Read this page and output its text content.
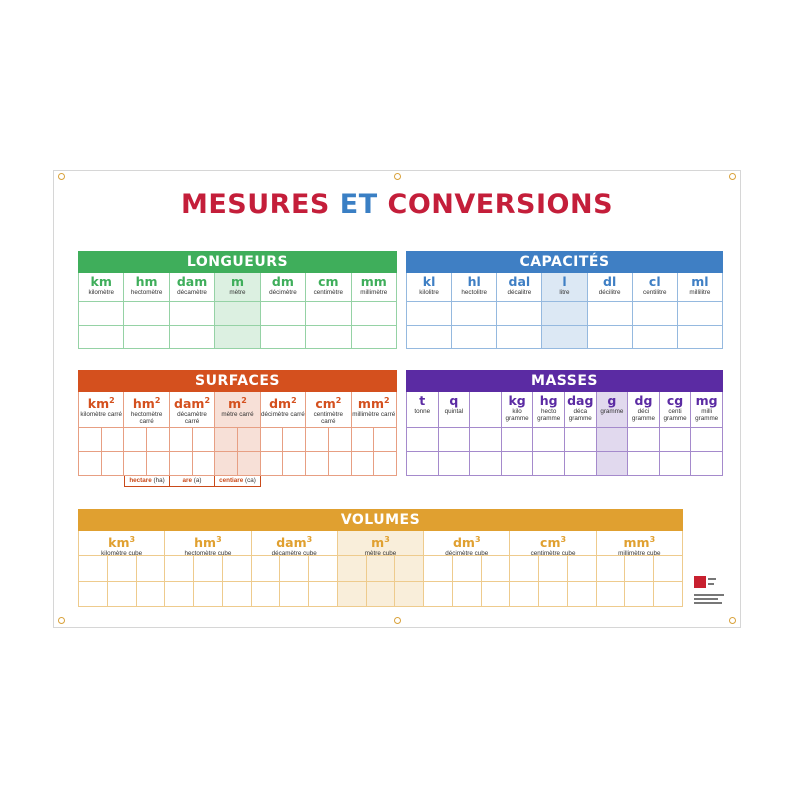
MESURES ET CONVERSIONS
LONGUEURS
km
kilomètre
hm
hectomètre
dam
décamètre
m
mètre
dm
décimètre
cm
centimètre
mm
millimètre
CAPACITÉS
kl
kilolitre
hl
hectolitre
dal
décalitre
l
litre
dl
décilitre
cl
centilitre
ml
millilitre
SURFACES
$km^2$
kilomètre carré
$hm^2$
hectomètre carré
dam$^2$
décamètre carré
$m^2$
mètre carré
$dm^2$
décimètre carré
$cm^2$
centimètre carré
$mm^2$
millimètre carré
MASSES
t
tonne
q
quintal
kg
kilo gramme
hg
hecto gramme
dag
déca gramme
g
gramme
dg
déci gramme
cg
centi gramme
mg
milli gramme
VOLUMES
$km^3$
kilomètre cube
$hm^3$
hectomètre cube
dam$^3$
décamètre cube
$m^3$
mètre cube
$dm^3$
décimètre cube
$cm^3$
centimètre cube
$mm^3$
millimètre cube
hectare (ha)	are (a)	centiare (ca)
